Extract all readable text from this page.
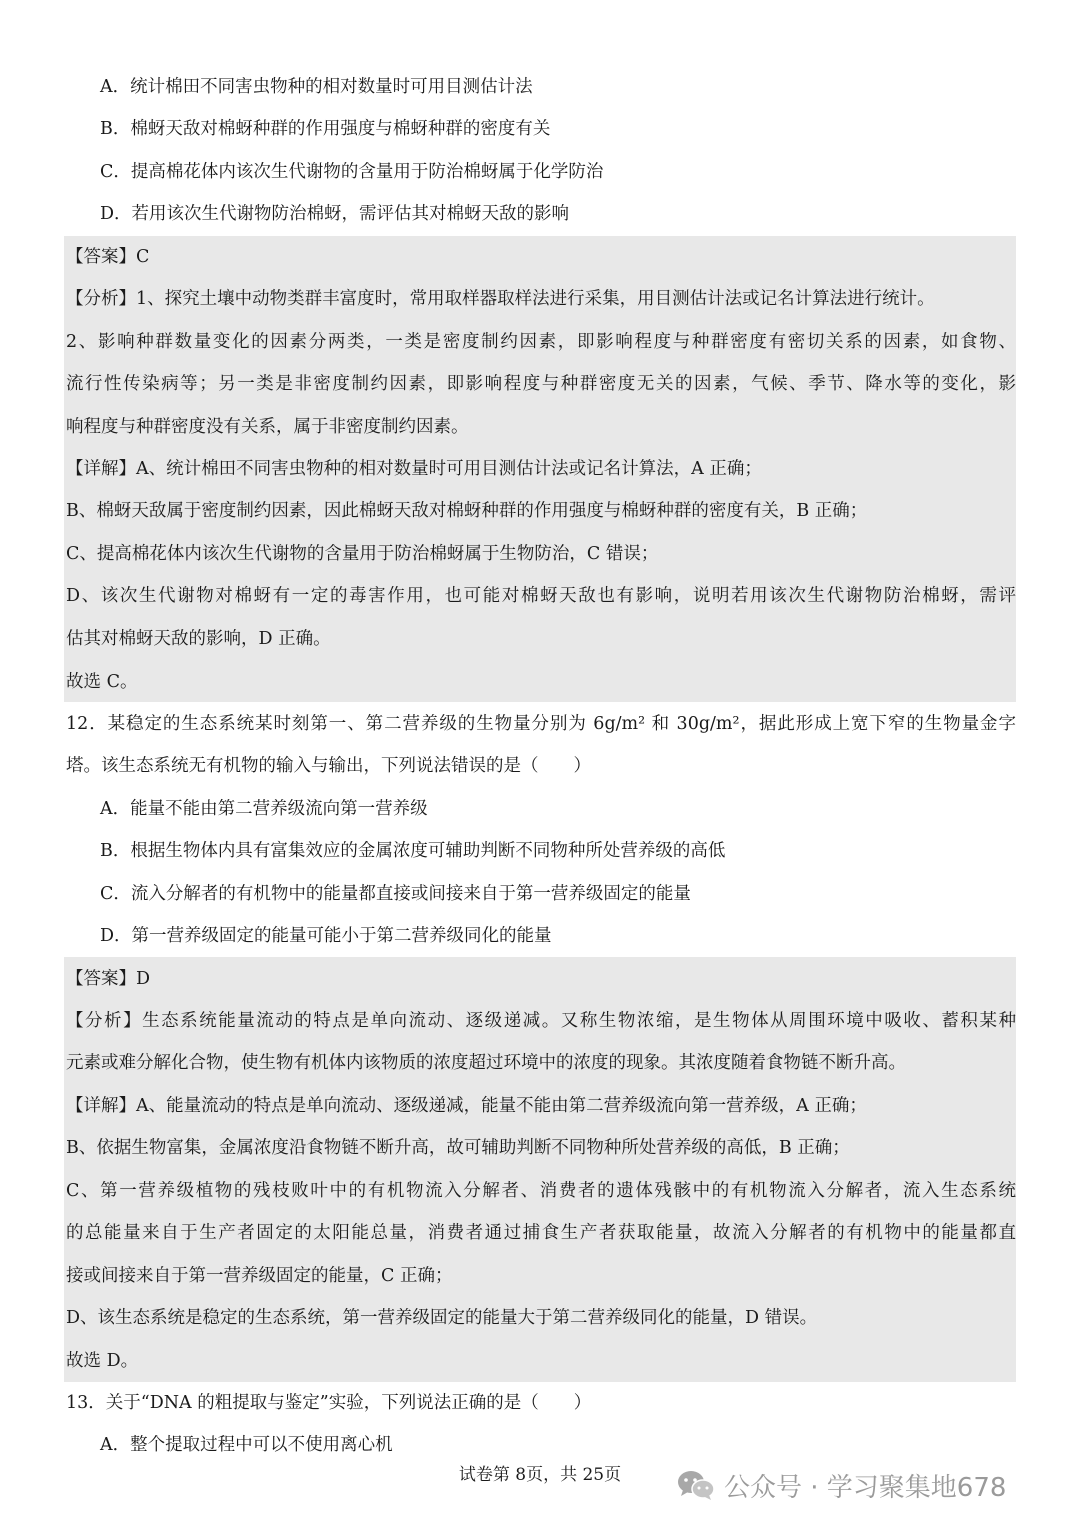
A．统计棉田不同害虫物种的相对数量时可用目测估计法
B．棉蚜天敌对棉蚜种群的作用强度与棉蚜种群的密度有关
C．提高棉花体内该次生代谢物的含量用于防治棉蚜属于化学防治
D．若用该次生代谢物防治棉蚜，需评估其对棉蚜天敌的影响
【答案】C
【分析】1、探究土壤中动物类群丰富度时，常用取样器取样法进行采集，用目测估计法或记名计算法进行统计。
2、影响种群数量变化的因素分两类，一类是密度制约因素，即影响程度与种群密度有密切关系的因素，如食物、
流行性传染病等；另一类是非密度制约因素，即影响程度与种群密度无关的因素，气候、季节、降水等的变化，影
响程度与种群密度没有关系，属于非密度制约因素。
【详解】A、统计棉田不同害虫物种的相对数量时可用目测估计法或记名计算法，A 正确；
B、棉蚜天敌属于密度制约因素，因此棉蚜天敌对棉蚜种群的作用强度与棉蚜种群的密度有关，B 正确；
C、提高棉花体内该次生代谢物的含量用于防治棉蚜属于生物防治，C 错误；
D、该次生代谢物对棉蚜有一定的毒害作用，也可能对棉蚜天敌也有影响，说明若用该次生代谢物防治棉蚜，需评
估其对棉蚜天敌的影响，D 正确。
故选 C。
12．某稳定的生态系统某时刻第一、第二营养级的生物量分别为 6g/m² 和 30g/m²，据此形成上宽下窄的生物量金字
塔。该生态系统无有机物的输入与输出，下列说法错误的是（　　）
A．能量不能由第二营养级流向第一营养级
B．根据生物体内具有富集效应的金属浓度可辅助判断不同物种所处营养级的高低
C．流入分解者的有机物中的能量都直接或间接来自于第一营养级固定的能量
D．第一营养级固定的能量可能小于第二营养级同化的能量
【答案】D
【分析】生态系统能量流动的特点是单向流动、逐级递减。又称生物浓缩，是生物体从周围环境中吸收、蓄积某种
元素或难分解化合物，使生物有机体内该物质的浓度超过环境中的浓度的现象。其浓度随着食物链不断升高。
【详解】A、能量流动的特点是单向流动、逐级递减，能量不能由第二营养级流向第一营养级，A 正确；
B、依据生物富集，金属浓度沿食物链不断升高，故可辅助判断不同物种所处营养级的高低，B 正确；
C、第一营养级植物的残枝败叶中的有机物流入分解者、消费者的遗体残骸中的有机物流入分解者，流入生态系统
的总能量来自于生产者固定的太阳能总量，消费者通过捕食生产者获取能量，故流入分解者的有机物中的能量都直
接或间接来自于第一营养级固定的能量，C 正确；
D、该生态系统是稳定的生态系统，第一营养级固定的能量大于第二营养级同化的能量，D 错误。
故选 D。
13．关于“DNA 的粗提取与鉴定”实验，下列说法正确的是（　　）
A．整个提取过程中可以不使用离心机
试卷第 8页，共 25页	公众号 · 学习聚集地678
